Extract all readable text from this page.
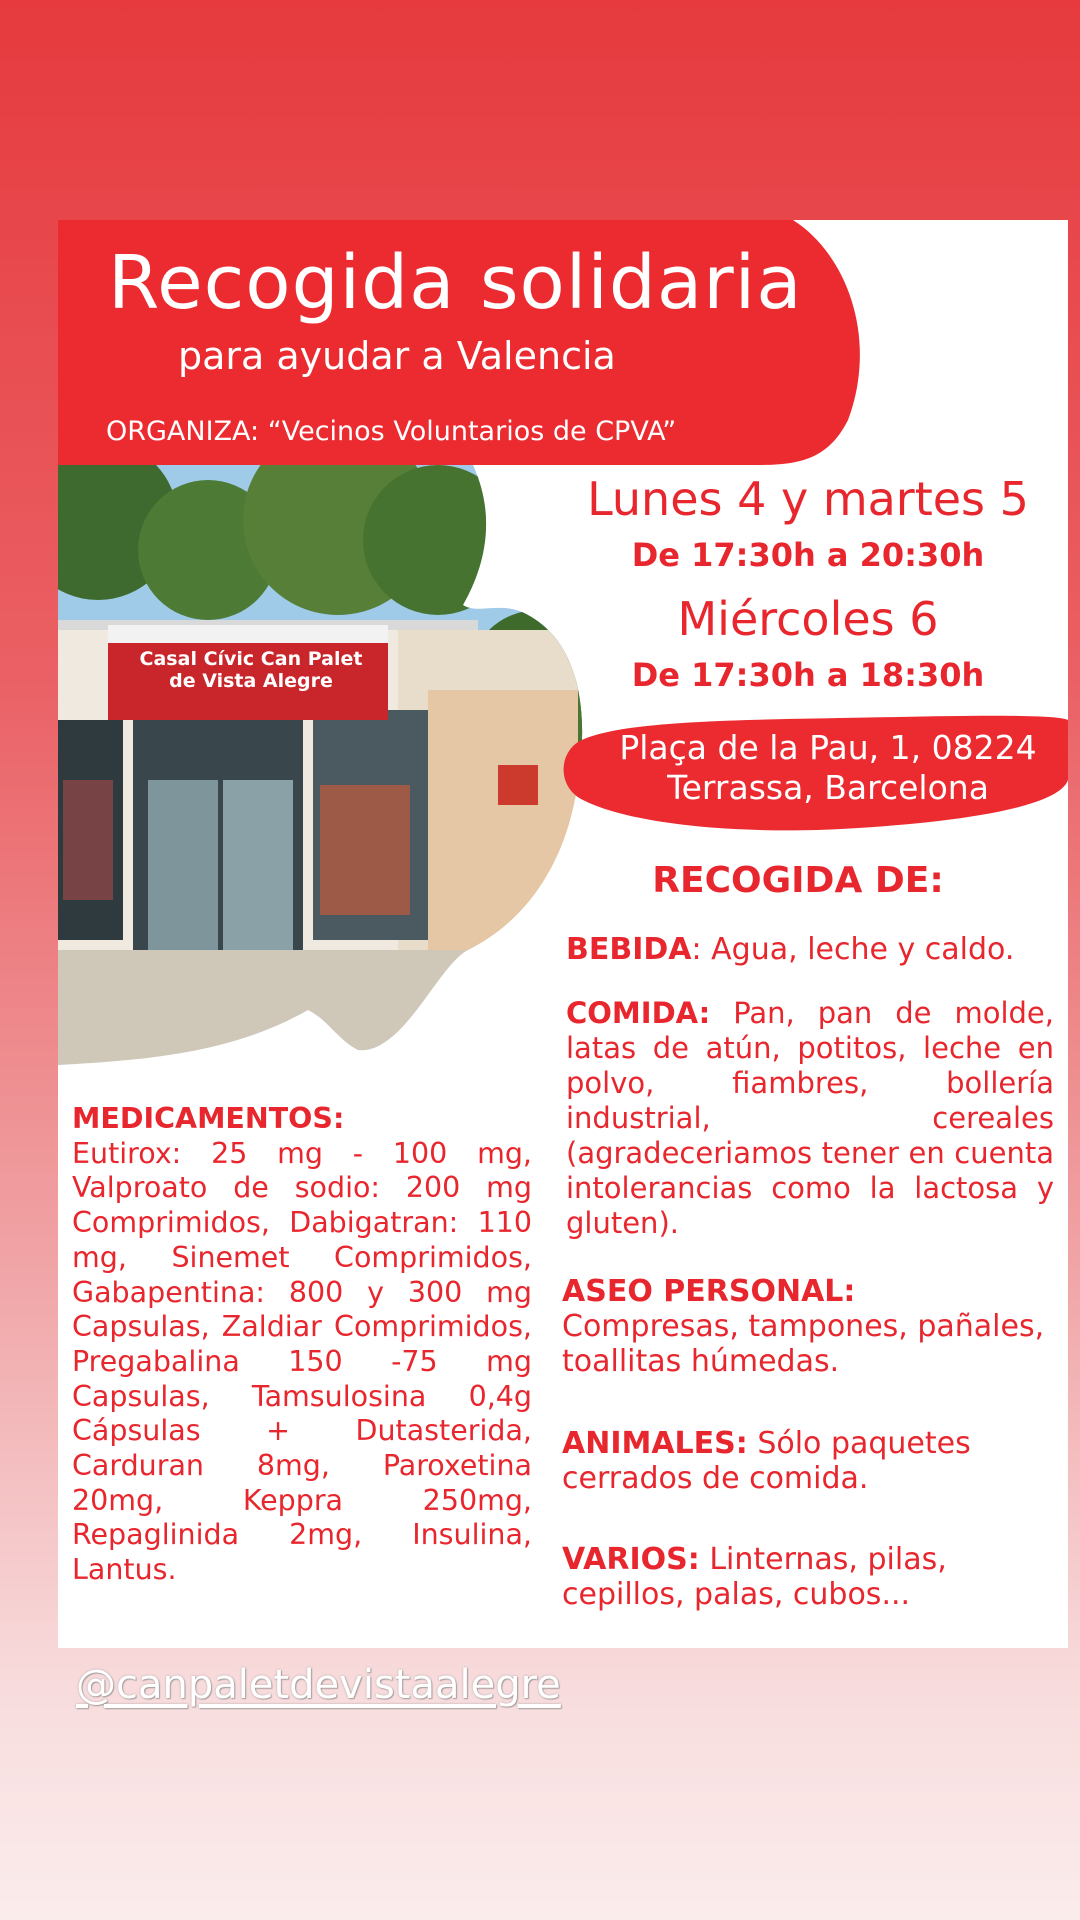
Casal Cívic Can Palet
de Vista Alegre
Recogida solidaria
para ayudar a Valencia
ORGANIZA: “Vecinos Voluntarios de CPVA”
Lunes 4 y martes 5
De 17:30h a 20:30h
Miércoles 6
De 17:30h a 18:30h
Plaça de la Pau, 1, 08224
Terrassa, Barcelona
RECOGIDA DE:
BEBIDA: Agua, leche y caldo.
COMIDA: Pan, pan de molde, latas de atún, potitos, leche en polvo, fiambres, bollería industrial, cereales (agradeceriamos tener en cuenta intolerancias como la lactosa y gluten).
ASEO PERSONAL:
Compresas, tampones, pañales, toallitas húmedas.
ANIMALES: Sólo paquetes cerrados de comida.
VARIOS: Linternas, pilas, cepillos, palas, cubos...
MEDICAMENTOS:
Eutirox: 25 mg - 100 mg, Valproato de sodio: 200 mg Comprimidos, Dabigatran: 110 mg, Sinemet Comprimidos, Gabapentina: 800 y 300 mg Capsulas, Zaldiar Comprimidos, Pregabalina 150 -75 mg Capsulas, Tamsulosina 0,4g Cápsulas + Dutasterida, Carduran 8mg, Paroxetina 20mg, Keppra 250mg, Repaglinida 2mg, Insulina, Lantus.
@canpaletdevistaalegre
